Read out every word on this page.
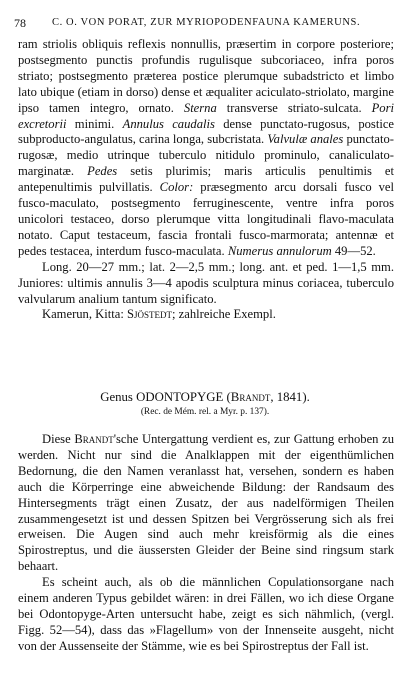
78 C. O. VON PORAT, ZUR MYRIOPODENFAUNA KAMERUNS.

ram striolis obliquis reflexis nonnullis, præsertim in corpore posteriore; postsegmento punctis profundis rugulisque subcoriaceo, infra poros striato; postsegmento præterea postice plerumque subadstricto et limbo lato ubique (etiam in dorso) dense et æqualiter aciculato-striolato, margine ipso tamen integro, ornato. Sterna transverse striato-sulcata. Pori excretorii minimi. Annulus caudalis dense punctato-rugosus, postice subproducto-angulatus, carina longa, subcristata. Valvulæ anales punctato-rugosæ, medio utrinque tuberculo nitidulo prominulo, canaliculato-marginatæ. Pedes setis plurimis; maris articulis penultimis et antepenultimis pulvillatis. Color: præsegmento arcu dorsali fusco vel fusco-maculato, postsegmento ferruginescente, ventre infra poros unicolori testaceo, dorso plerumque vitta longitudinali flavo-maculata notato. Caput testaceum, fascia frontali fusco-marmorata; antennæ et pedes testacea, interdum fusco-maculata. Numerus annulorum 49—52.

Long. 20—27 mm.; lat. 2—2,5 mm.; long. ant. et ped. 1—1,5 mm. Juniores: ultimis annulis 3—4 apodis sculptura minus coriacea, tuberculo valvularum analium tantum significato.

Kamerun, Kitta: Sjöstedt; zahlreiche Exempl.

Genus ODONTOPYGE (Brandt, 1841).
(Rec. de Mém. rel. a Myr. p. 137).

Diese Brandt'sche Untergattung verdient es, zur Gattung erhoben zu werden. Nicht nur sind die Analklappen mit der eigenthümlichen Bedornung, die den Namen veranlasst hat, versehen, sondern es haben auch die Körperringe eine abweichende Bildung: der Randsaum des Hintersegments trägt einen Zusatz, der aus nadelförmigen Theilen zusammengesetzt ist und dessen Spitzen bei Vergrösserung sich als frei erweisen. Die Augen sind auch mehr kreisförmig als die eines Spirostreptus, und die äussersten Gleider der Beine sind ringsum stark behaart.

Es scheint auch, als ob die männlichen Copulationsorgane nach einem anderen Typus gebildet wären: in drei Fällen, wo ich diese Organe bei Odontopyge-Arten untersucht habe, zeigt es sich nähmlich, (vergl. Figg. 52—54), dass das »Flagellum» von der Innenseite ausgeht, nicht von der Aussenseite der Stämme, wie es bei Spirostreptus der Fall ist.
